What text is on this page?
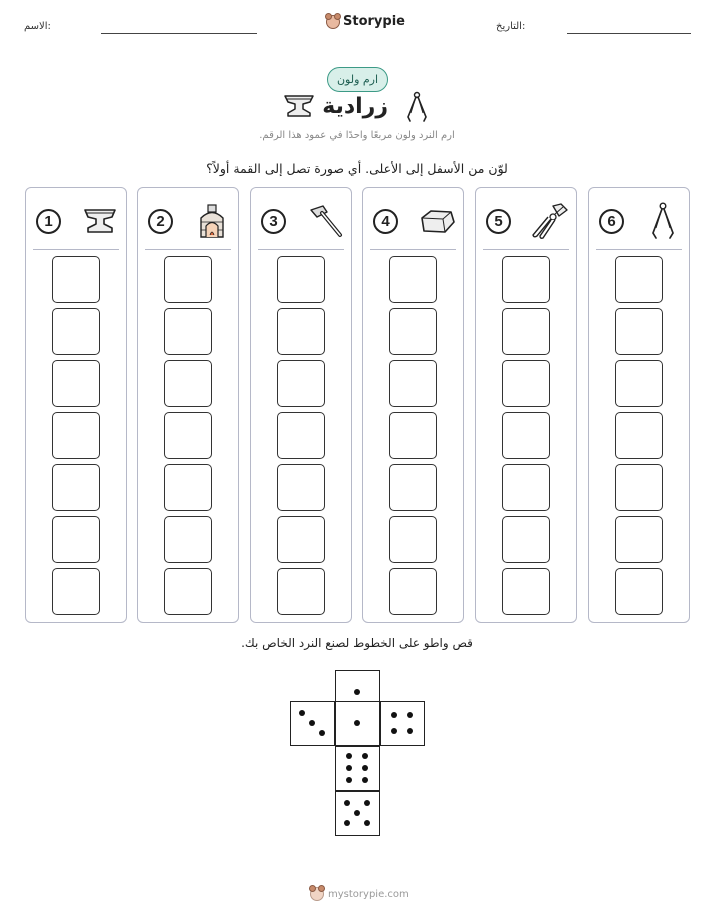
الاسم:	Storypie	التاريخ:
ارم ولون
زرادية
ارم النرد ولون مربعًا واحدًا في عمود هذا الرقم.
لوّن من الأسفل إلى الأعلى. أي صورة تصل إلى القمة أولاً؟
1	2	3	4	5	6
قص واطو على الخطوط لصنع النرد الخاص بك.
mystorypie.com
